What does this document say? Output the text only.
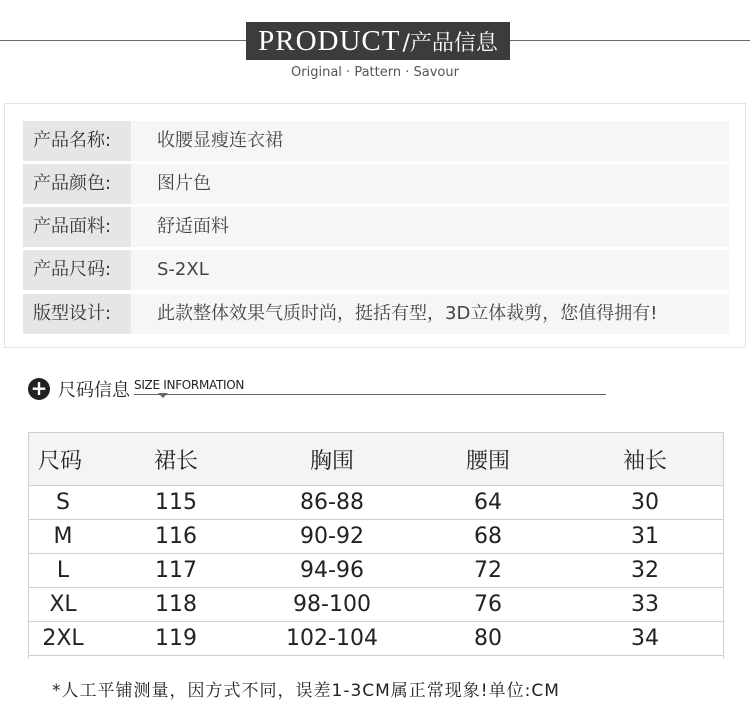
PRODUCT /产品信息
Original · Pattern · Savour
产品名称:	收腰显瘦连衣裙
产品颜色:	图片色
产品面料:	舒适面料
产品尺码:	S-2XL
版型设计:	此款整体效果气质时尚，挺括有型，3D立体裁剪，您值得拥有!
+ 尺码信息 SIZE INFORMATION
尺码	裙长	胸围	腰围	袖长
S	115	86-88	64	30
M	116	90-92	68	31
L	117	94-96	72	32
XL	118	98-100	76	33
2XL	119	102-104	80	34
*人工平铺测量，因方式不同，误差1-3CM属正常现象!单位:CM
